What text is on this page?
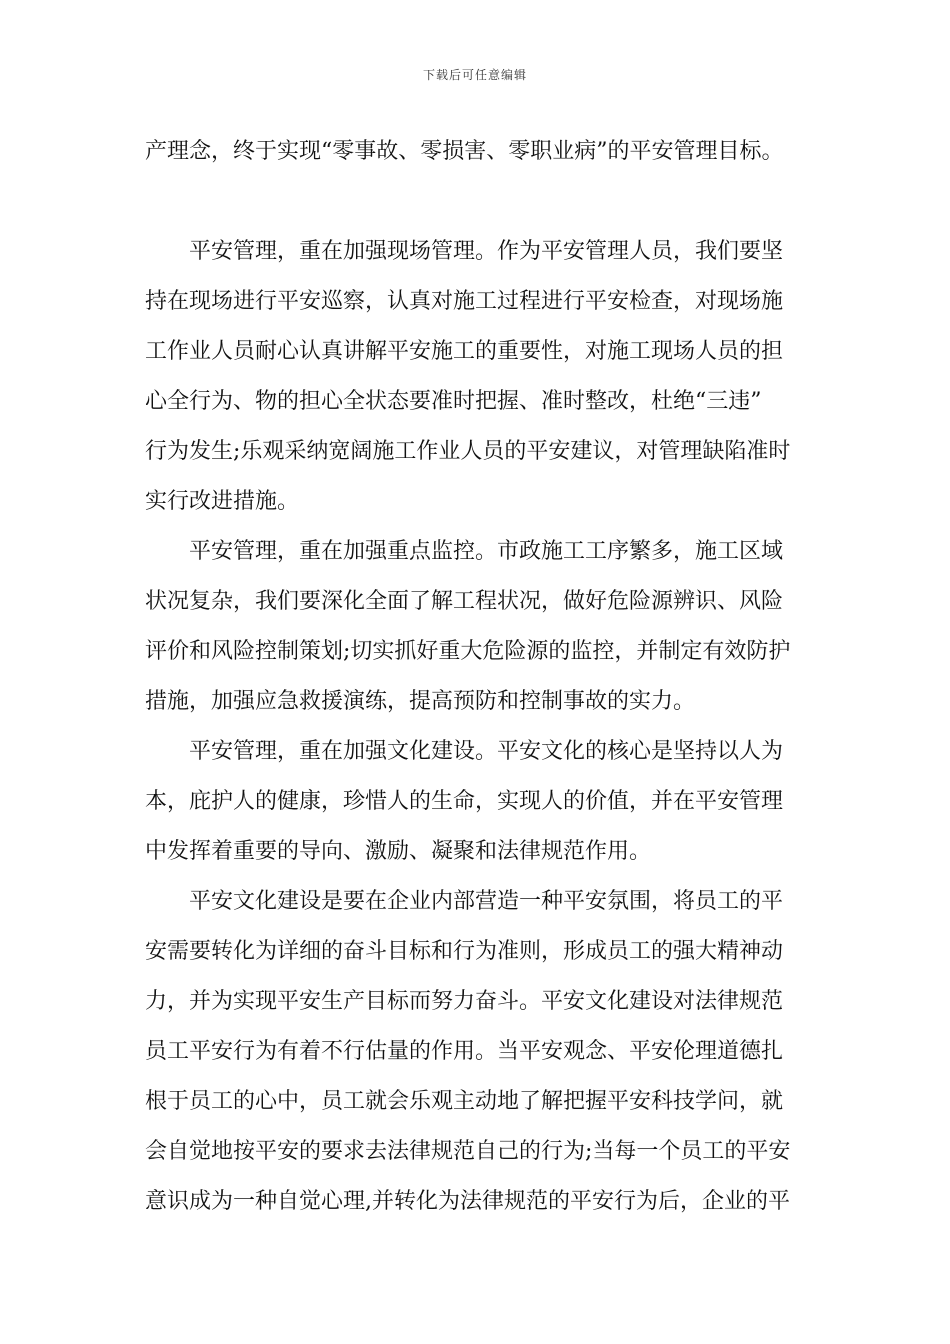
下载后可任意编辑
产理念，终于实现“零事故、零损害、零职业病”的平安管理目标。
平安管理，重在加强现场管理。作为平安管理人员，我们要坚
持在现场进行平安巡察，认真对施工过程进行平安检查，对现场施
工作业人员耐心认真讲解平安施工的重要性，对施工现场人员的担
心全行为、物的担心全状态要准时把握、准时整改，杜绝“三违”
行为发生;乐观采纳宽阔施工作业人员的平安建议，对管理缺陷准时
实行改进措施。
平安管理，重在加强重点监控。市政施工工序繁多，施工区域
状况复杂，我们要深化全面了解工程状况，做好危险源辨识、风险
评价和风险控制策划;切实抓好重大危险源的监控，并制定有效防护
措施，加强应急救援演练，提高预防和控制事故的实力。
平安管理，重在加强文化建设。平安文化的核心是坚持以人为
本，庇护人的健康，珍惜人的生命，实现人的价值，并在平安管理
中发挥着重要的导向、激励、凝聚和法律规范作用。
平安文化建设是要在企业内部营造一种平安氛围，将员工的平
安需要转化为详细的奋斗目标和行为准则，形成员工的强大精神动
力，并为实现平安生产目标而努力奋斗。平安文化建设对法律规范
员工平安行为有着不行估量的作用。当平安观念、平安伦理道德扎
根于员工的心中，员工就会乐观主动地了解把握平安科技学问，就
会自觉地按平安的要求去法律规范自己的行为;当每一个员工的平安
意识成为一种自觉心理,并转化为法律规范的平安行为后，企业的平
